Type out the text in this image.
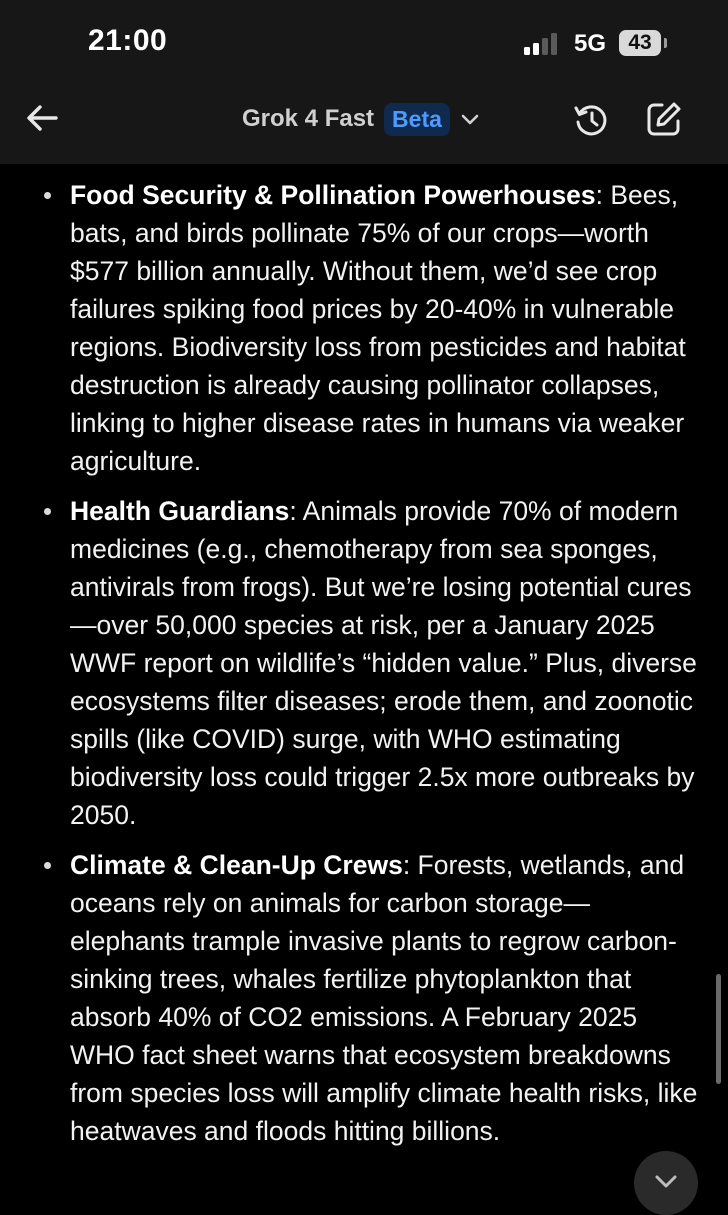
21:00	5G	43
Grok 4 Fast Beta
Food Security & Pollination Powerhouses: Bees, bats, and birds pollinate 75% of our crops—worth $577 billion annually. Without them, we’d see crop failures spiking food prices by 20-40% in vulnerable regions. Biodiversity loss from pesticides and habitat destruction is already causing pollinator collapses, linking to higher disease rates in humans via weaker agriculture.
Health Guardians: Animals provide 70% of modern medicines (e.g., chemotherapy from sea sponges, antivirals from frogs). But we’re losing potential cures—over 50,000 species at risk, per a January 2025 WWF report on wildlife’s “hidden value.” Plus, diverse ecosystems filter diseases; erode them, and zoonotic spills (like COVID) surge, with WHO estimating biodiversity loss could trigger 2.5x more outbreaks by 2050.
Climate & Clean-Up Crews: Forests, wetlands, and oceans rely on animals for carbon storage—elephants trample invasive plants to regrow carbon-sinking trees, whales fertilize phytoplankton that absorb 40% of CO2 emissions. A February 2025 WHO fact sheet warns that ecosystem breakdowns from species loss will amplify climate health risks, like heatwaves and floods hitting billions.
